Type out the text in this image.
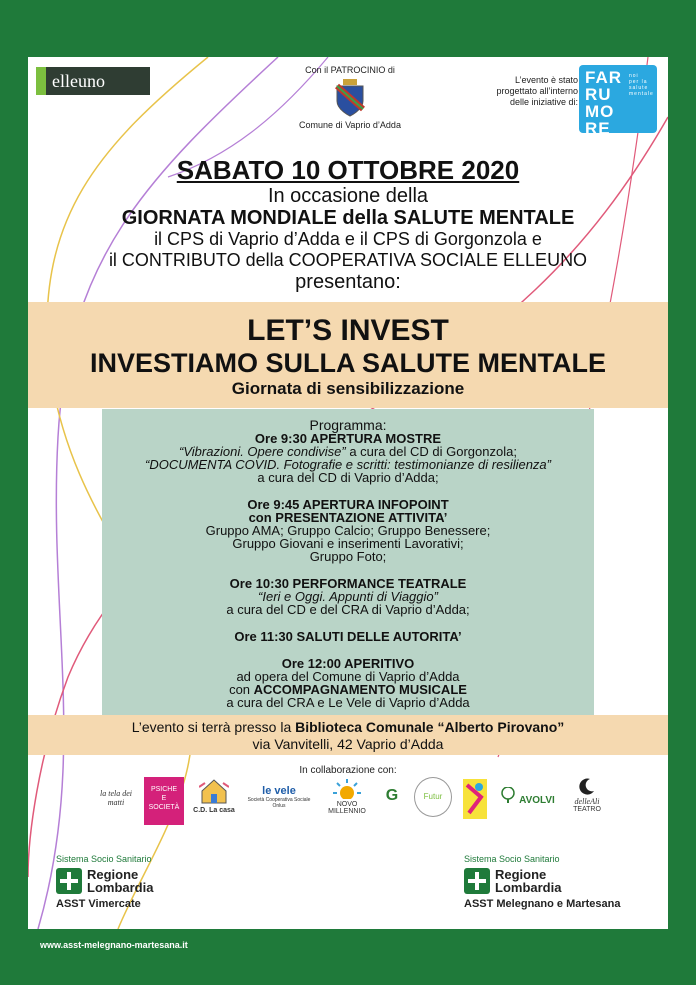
elleuno
Con il PATROCINIO di
Comune di Vaprio d’Adda
L’evento è stato
progettato all’interno
delle iniziative di:
FAR
RU
MO
RE
noi per la salute mentale
SABATO 10 OTTOBRE 2020
In occasione della
GIORNATA MONDIALE della SALUTE MENTALE
il CPS di Vaprio d’Adda e il CPS di Gorgonzola e
il CONTRIBUTO della COOPERATIVA SOCIALE ELLEUNO
presentano:
LET’S INVEST
INVESTIAMO SULLA SALUTE MENTALE
Giornata di sensibilizzazione
Programma:
Ore 9:30 APERTURA MOSTRE
“Vibrazioni. Opere condivise” a cura del CD di Gorgonzola;
“DOCUMENTA COVID. Fotografie e scritti: testimonianze di resilienza”
a cura del CD di Vaprio d’Adda;
Ore 9:45 APERTURA INFOPOINT
con PRESENTAZIONE ATTIVITA’
Gruppo AMA; Gruppo Calcio; Gruppo Benessere;
Gruppo Giovani e inserimenti Lavorativi;
Gruppo Foto;
Ore 10:30 PERFORMANCE TEATRALE
“Ieri e Oggi. Appunti di Viaggio”
a cura del CD e del CRA di Vaprio d’Adda;
Ore 11:30 SALUTI DELLE AUTORITA’
Ore 12:00 APERITIVO
ad opera del Comune di Vaprio d’Adda
con ACCOMPAGNAMENTO MUSICALE
a cura del CRA e Le Vele di Vaprio d’Adda
L’evento si terrà presso la Biblioteca Comunale “Alberto Pirovano”
via Vanvitelli, 42 Vaprio d’Adda
In collaborazione con:
la tela dei matti
PSICHE
E
SOCIETÀ	C.D. La casa
le vele
Società Cooperativa Sociale Onlus	NOVO MILLENNIO
G	Futur	AVOLVI	delleAli
TEATRO
Sistema Socio Sanitario
Regione
Lombardia
ASST Vimercate
Sistema Socio Sanitario
Regione
Lombardia
ASST Melegnano e Martesana
www.asst-melegnano-martesana.it
